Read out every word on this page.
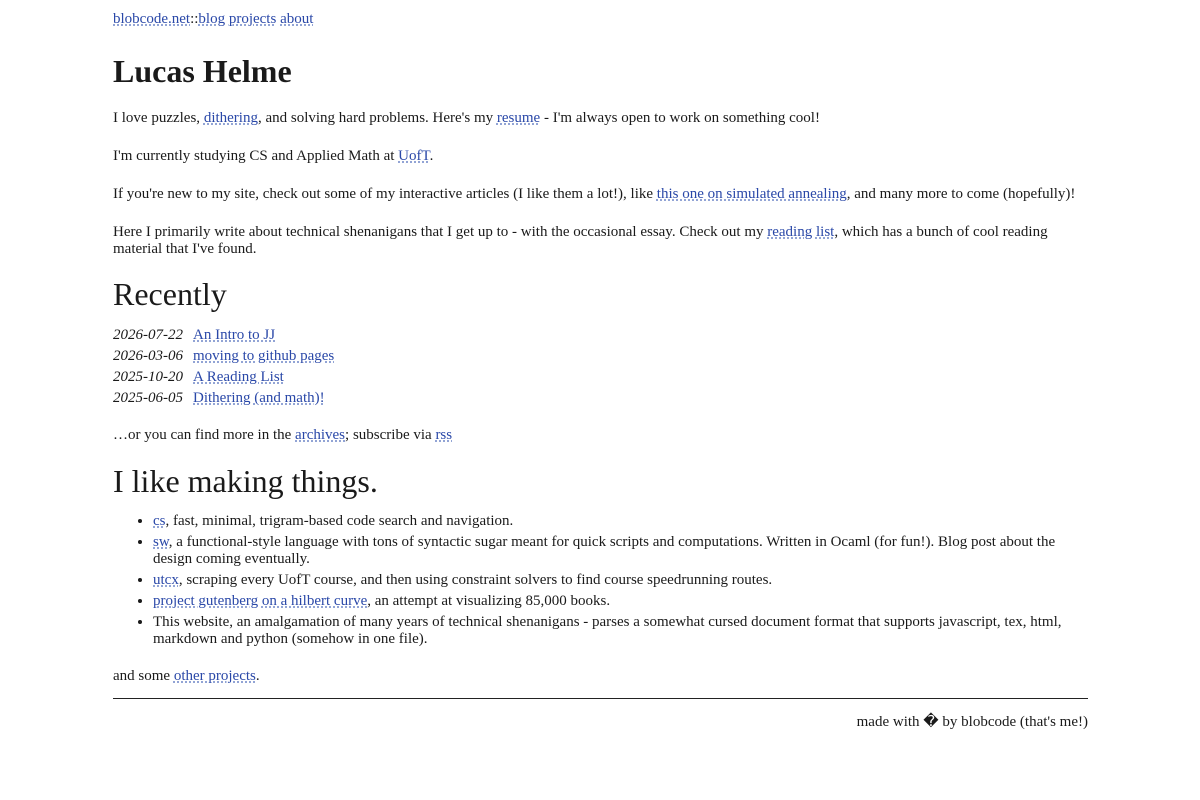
blobcode.net::blog projects about
Lucas Helme
I love puzzles, dithering, and solving hard problems. Here's my resume - I'm always open to work on something cool!
I'm currently studying CS and Applied Math at UofT.
If you're new to my site, check out some of my interactive articles (I like them a lot!), like this one on simulated annealing, and many more to come (hopefully)!
Here I primarily write about technical shenanigans that I get up to - with the occasional essay. Check out my reading list, which has a bunch of cool reading material that I've found.
Recently
2026-07-22 An Intro to JJ
2026-03-06 moving to github pages
2025-10-20 A Reading List
2025-06-05 Dithering (and math)!
…or you can find more in the archives; subscribe via rss
I like making things.
• cs, fast, minimal, trigram-based code search and navigation.
• sw, a functional-style language with tons of syntactic sugar meant for quick scripts and computations. Written in Ocaml (for fun!). Blog post about the design coming eventually.
• utcx, scraping every UofT course, and then using constraint solvers to find course speedrunning routes.
• project gutenberg on a hilbert curve, an attempt at visualizing 85,000 books.
• This website, an amalgamation of many years of technical shenanigans - parses a somewhat cursed document format that supports javascript, tex, html, markdown and python (somehow in one file).
and some other projects.
made with � by blobcode (that's me!)
